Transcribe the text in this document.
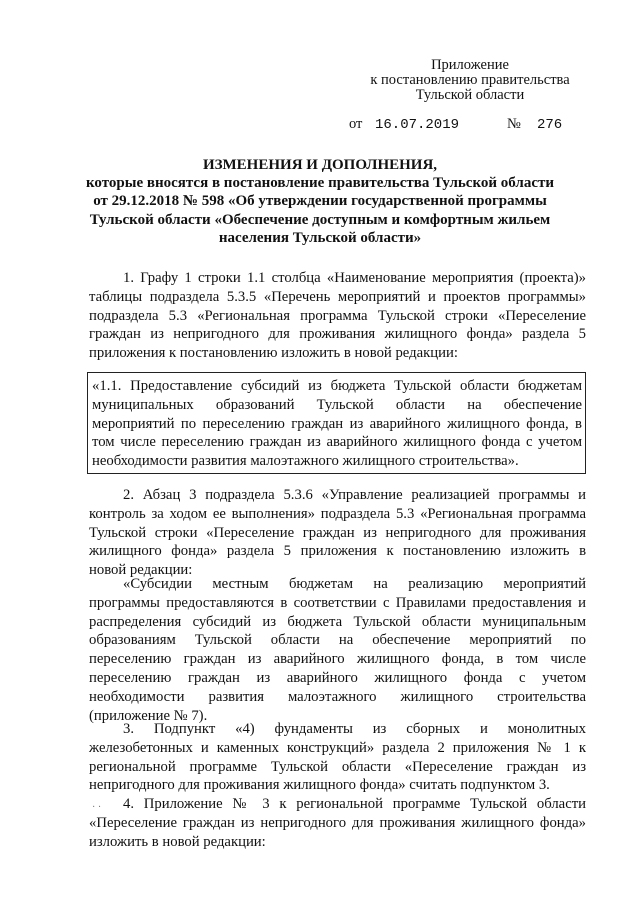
Приложение
к постановлению правительства
Тульской области
от 16.07.2019	№ 276
ИЗМЕНЕНИЯ И ДОПОЛНЕНИЯ,
которые вносятся в постановление правительства Тульской области
от 29.12.2018 № 598 «Об утверждении государственной программы
Тульской области «Обеспечение доступным и комфортным жильем
населения Тульской области»
1. Графу 1 строки 1.1 столбца «Наименование мероприятия (проекта)»
таблицы подраздела 5.3.5 «Перечень мероприятий и проектов программы»
подраздела 5.3 «Региональная программа Тульской строки «Переселение
граждан из непригодного для проживания жилищного фонда» раздела 5
приложения к постановлению изложить в новой редакции:
«1.1. Предоставление субсидий из бюджета Тульской области бюджетам
муниципальных образований Тульской области на обеспечение
мероприятий по переселению граждан из аварийного жилищного фонда, в
том числе переселению граждан из аварийного жилищного фонда с учетом
необходимости развития малоэтажного жилищного строительства».
2. Абзац 3 подраздела 5.3.6 «Управление реализацией программы и
контроль за ходом ее выполнения» подраздела 5.3 «Региональная программа
Тульской строки «Переселение граждан из непригодного для проживания
жилищного фонда» раздела 5 приложения к постановлению изложить в
новой редакции:
«Субсидии местным бюджетам на реализацию мероприятий
программы предоставляются в соответствии с Правилами предоставления и
распределения субсидий из бюджета Тульской области муниципальным
образованиям Тульской области на обеспечение мероприятий по
переселению граждан из аварийного жилищного фонда, в том числе
переселению граждан из аварийного жилищного фонда с учетом
необходимости развития малоэтажного жилищного строительства
(приложение № 7).
3. Подпункт «4) фундаменты из сборных и монолитных
железобетонных и каменных конструкций» раздела 2 приложения № 1 к
региональной программе Тульской области «Переселение граждан из
непригодного для проживания жилищного фонда» считать подпунктом 3.
4. Приложение № 3 к региональной программе Тульской области
«Переселение граждан из непригодного для проживания жилищного фонда»
изложить в новой редакции:
· ·
